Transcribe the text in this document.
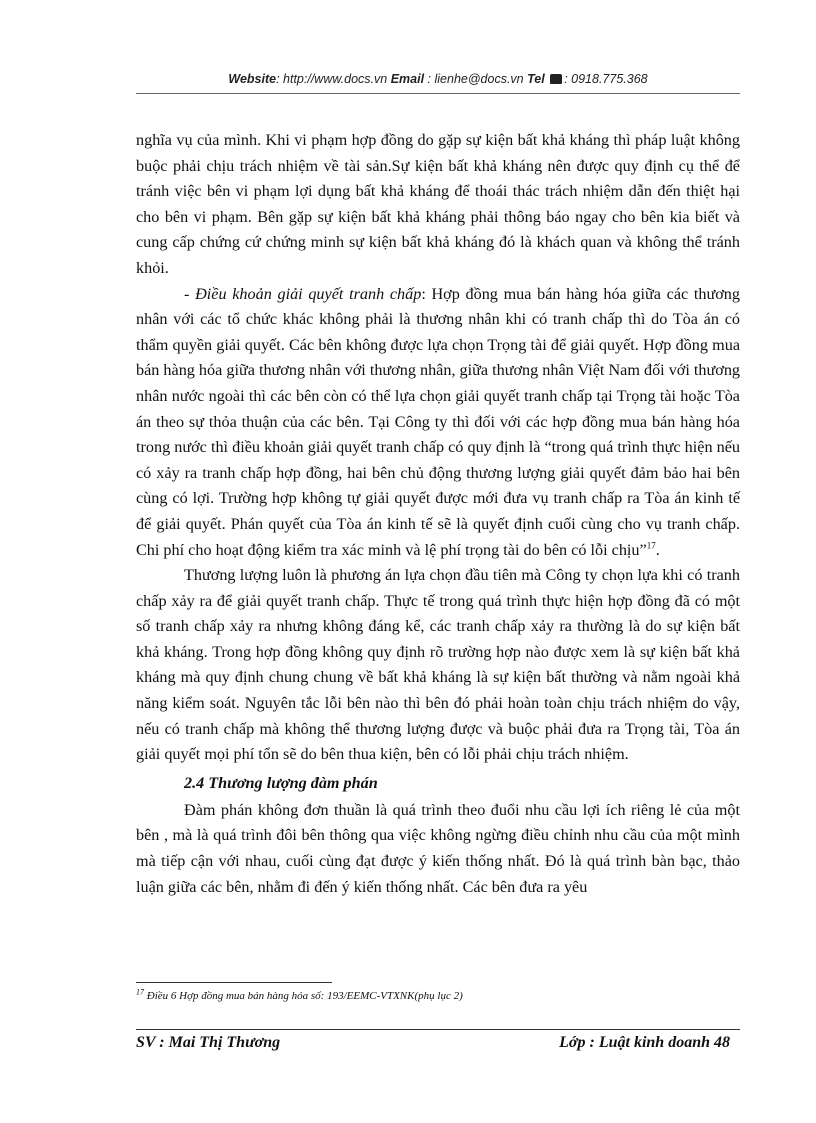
Website: http://www.docs.vn Email : lienhe@docs.vn Tel : 0918.775.368

nghĩa vụ của mình. Khi vi phạm hợp đồng do gặp sự kiện bất khả kháng thì pháp luật không buộc phải chịu trách nhiệm về tài sản.Sự kiện bất khả kháng nên được quy định cụ thể để tránh việc bên vi phạm lợi dụng bất khả kháng để thoái thác trách nhiệm dẫn đến thiệt hại cho bên vi phạm. Bên gặp sự kiện bất khả kháng phải thông báo ngay cho bên kia biết và cung cấp chứng cứ chứng minh sự kiện bất khả kháng đó là khách quan và không thể tránh khỏi.

- Điều khoản giải quyết tranh chấp: Hợp đồng mua bán hàng hóa giữa các thương nhân với các tổ chức khác không phải là thương nhân khi có tranh chấp thì do Tòa án có thẩm quyền giải quyết. Các bên không được lựa chọn Trọng tài để giải quyết. Hợp đồng mua bán hàng hóa giữa thương nhân với thương nhân, giữa thương nhân Việt Nam đối với thương nhân nước ngoài thì các bên còn có thể lựa chọn giải quyết tranh chấp tại Trọng tài hoặc Tòa án theo sự thỏa thuận của các bên. Tại Công ty thì đối với các hợp đồng mua bán hàng hóa trong nước thì điều khoản giải quyết tranh chấp có quy định là “trong quá trình thực hiện nếu có xảy ra tranh chấp hợp đồng, hai bên chủ động thương lượng giải quyết đảm bảo hai bên cùng có lợi. Trường hợp không tự giải quyết được mới đưa vụ tranh chấp ra Tòa án kinh tế để giải quyết. Phán quyết của Tòa án kinh tế sẽ là quyết định cuối cùng cho vụ tranh chấp. Chi phí cho hoạt động kiểm tra xác minh và lệ phí trọng tài do bên có lỗi chịu”$^{17}$.

Thương lượng luôn là phương án lựa chọn đầu tiên mà Công ty chọn lựa khi có tranh chấp xảy ra để giải quyết tranh chấp. Thực tế trong quá trình thực hiện hợp đồng đã có một số tranh chấp xảy ra nhưng không đáng kể, các tranh chấp xảy ra thường là do sự kiện bất khả kháng. Trong hợp đồng không quy định rõ trường hợp nào được xem là sự kiện bất khả kháng mà quy định chung chung về bất khả kháng là sự kiện bất thường và nằm ngoài khả năng kiểm soát. Nguyên tắc lỗi bên nào thì bên đó phải hoàn toàn chịu trách nhiệm do vậy, nếu có tranh chấp mà không thể thương lượng được và buộc phải đưa ra Trọng tài, Tòa án giải quyết mọi phí tổn sẽ do bên thua kiện, bên có lỗi phải chịu trách nhiệm.

2.4 Thương lượng đàm phán

Đàm phán không đơn thuần là quá trình theo đuổi nhu cầu lợi ích riêng lẻ của một bên , mà là quá trình đôi bên thông qua việc không ngừng điều chỉnh nhu cầu của một mình mà tiếp cận với nhau, cuối cùng đạt được ý kiến thống nhất. Đó là quá trình bàn bạc, thảo luận giữa các bên, nhằm đi đến ý kiến thống nhất. Các bên đưa ra yêu

$^{17}$ Điều 6 Hợp đồng mua bán hàng hóa số: 193/EEMC-VTXNK(phụ lục 2)
SV : Mai Thị Thương	Lớp : Luật kinh doanh 48
